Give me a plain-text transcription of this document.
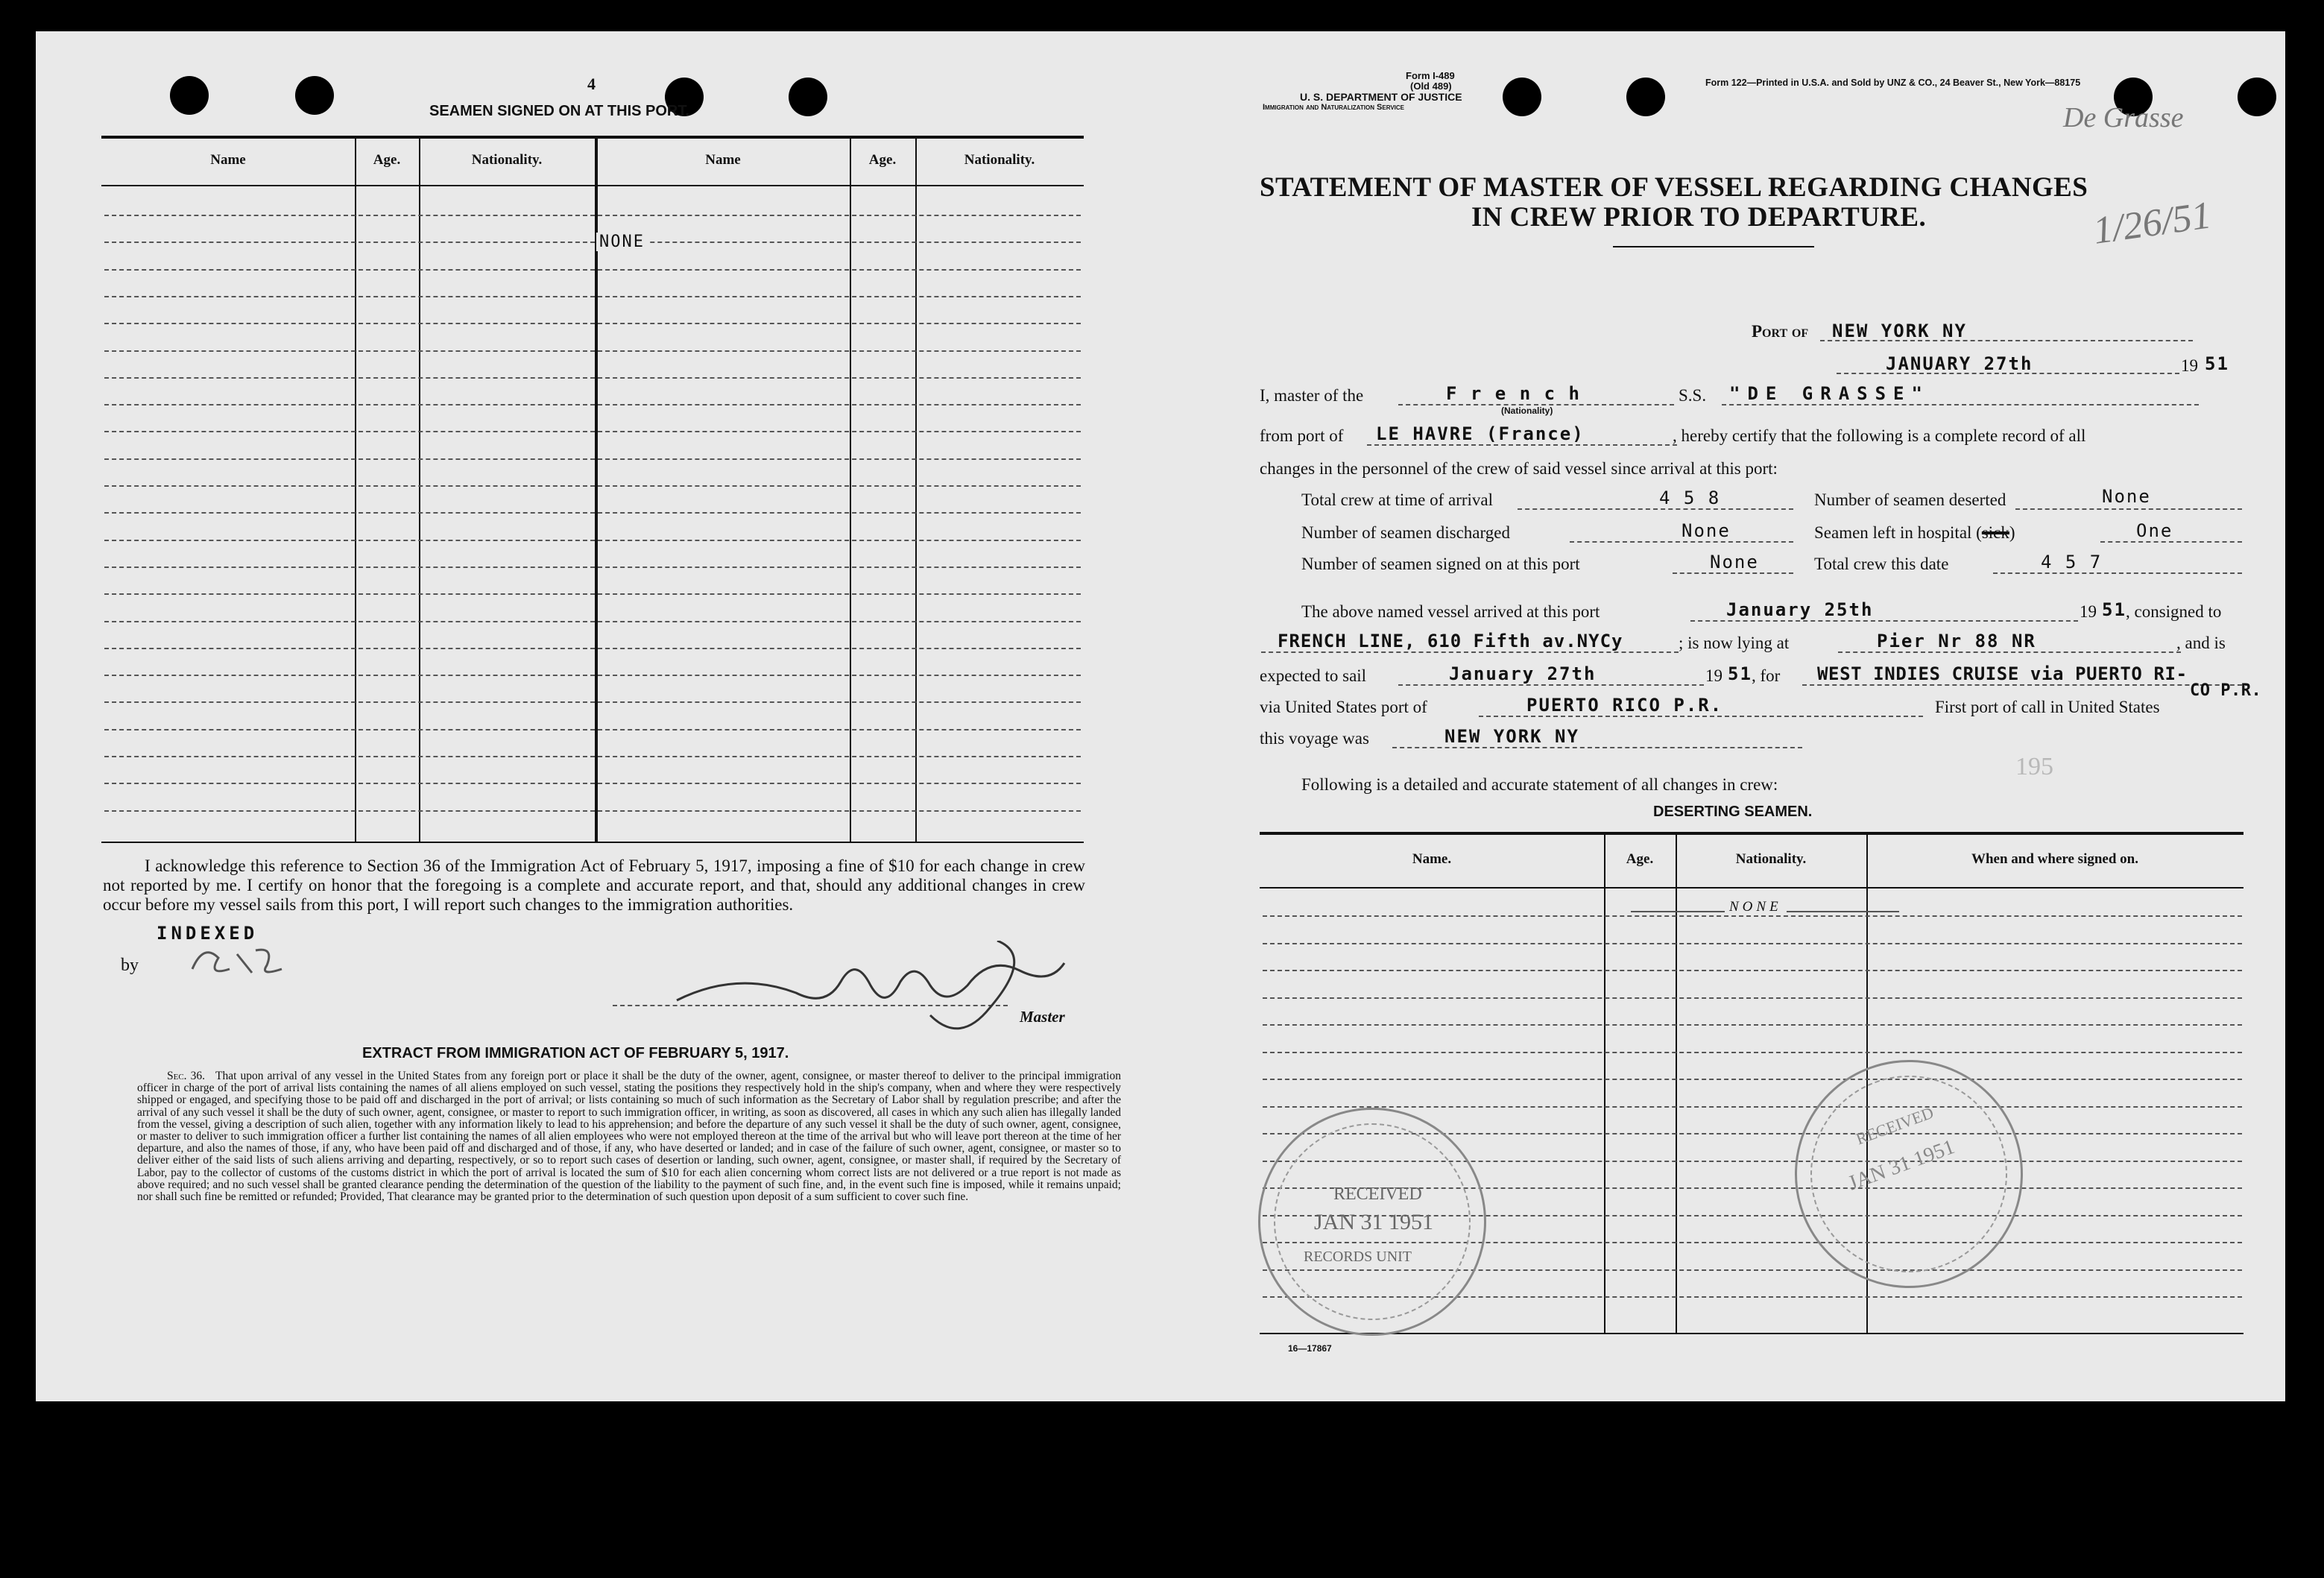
4
SEAMEN SIGNED ON AT THIS PORT.
Name	Age.	Nationality.	Name	Age.	Nationality.
NONE
I acknowledge this reference to Section 36 of the Immigration Act of February 5, 1917, imposing a fine of $10 for each change in crew not reported by me. I certify on honor that the foregoing is a complete and accurate report, and that, should any additional changes in crew occur before my vessel sails from this port, I will report such changes to the immigration authorities.
INDEXED
by
Master
EXTRACT FROM IMMIGRATION ACT OF FEBRUARY 5, 1917.
Sec. 36. That upon arrival of any vessel in the United States from any foreign port or place it shall be the duty of the owner, agent, consignee, or master thereof to deliver to the principal immigration officer in charge of the port of arrival lists containing the names of all aliens employed on such vessel, stating the positions they respectively hold in the ship's company, when and where they were respectively shipped or engaged, and specifying those to be paid off and discharged in the port of arrival; or lists containing so much of such information as the Secretary of Labor shall by regulation prescribe; and after the arrival of any such vessel it shall be the duty of such owner, agent, consignee, or master to report to such immigration officer, in writing, as soon as discovered, all cases in which any such alien has illegally landed from the vessel, giving a description of such alien, together with any information likely to lead to his apprehension; and before the departure of any such vessel it shall be the duty of such owner, agent, consignee, or master to deliver to such immigration officer a further list containing the names of all alien employees who were not employed thereon at the time of the arrival but who will leave port thereon at the time of her departure, and also the names of those, if any, who have been paid off and discharged and of those, if any, who have deserted or landed; and in case of the failure of such owner, agent, consignee, or master so to deliver either of the said lists of such aliens arriving and departing, respectively, or so to report such cases of desertion or landing, such owner, agent, consignee, or master shall, if required by the Secretary of Labor, pay to the collector of customs of the customs district in which the port of arrival is located the sum of $10 for each alien concerning whom correct lists are not delivered or a true report is not made as above required; and no such vessel shall be granted clearance pending the determination of the question of the liability to the payment of such fine, and, in the event such fine is imposed, while it remains unpaid; nor shall such fine be remitted or refunded; Provided, That clearance may be granted prior to the determination of such question upon deposit of a sum sufficient to cover such fine.
Form I-489
(Old 489)
U. S. DEPARTMENT OF JUSTICE
Immigration and Naturalization Service
Form 122—Printed in U.S.A. and Sold by UNZ & CO., 24 Beaver St., New York—88175
De Grasse
1/26/51
STATEMENT OF MASTER OF VESSEL REGARDING CHANGES
IN CREW PRIOR TO DEPARTURE.
Port of NEW YORK NY
JANUARY 27th	19 51
I, master of the	F r e n c h
(Nationality)
S.S. "DE GRASSE"
from port of LE HAVRE (France)	, hereby certify that the following is a complete record of all
changes in the personnel of the crew of said vessel since arrival at this port:
Total crew at time of arrival	4 5 8	Number of seamen deserted	None
Number of seamen discharged	None	Seamen left in hospital (sick)	One
Number of seamen signed on at this port	None	Total crew this date	4 5 7
The above named vessel arrived at this port	January 25th	19 51 , consigned to
FRENCH LINE, 610 Fifth av.NYCy	; is now lying at	Pier Nr 88 NR	, and is
expected to sail	January 27th	19 51 , for WEST INDIES CRUISE via PUERTO RI-
CO P.R.
via United States port of	PUERTO RICO P.R.	First port of call in United States
this voyage was	NEW YORK NY
195
Following is a detailed and accurate statement of all changes in crew:
DESERTING SEAMEN.
Name.	Age.	Nationality.	When and where signed on.
NONE
16—17867
RECEIVED
JAN 31 1951
RECORDS UNIT
RECEIVED
JAN 31 1951
